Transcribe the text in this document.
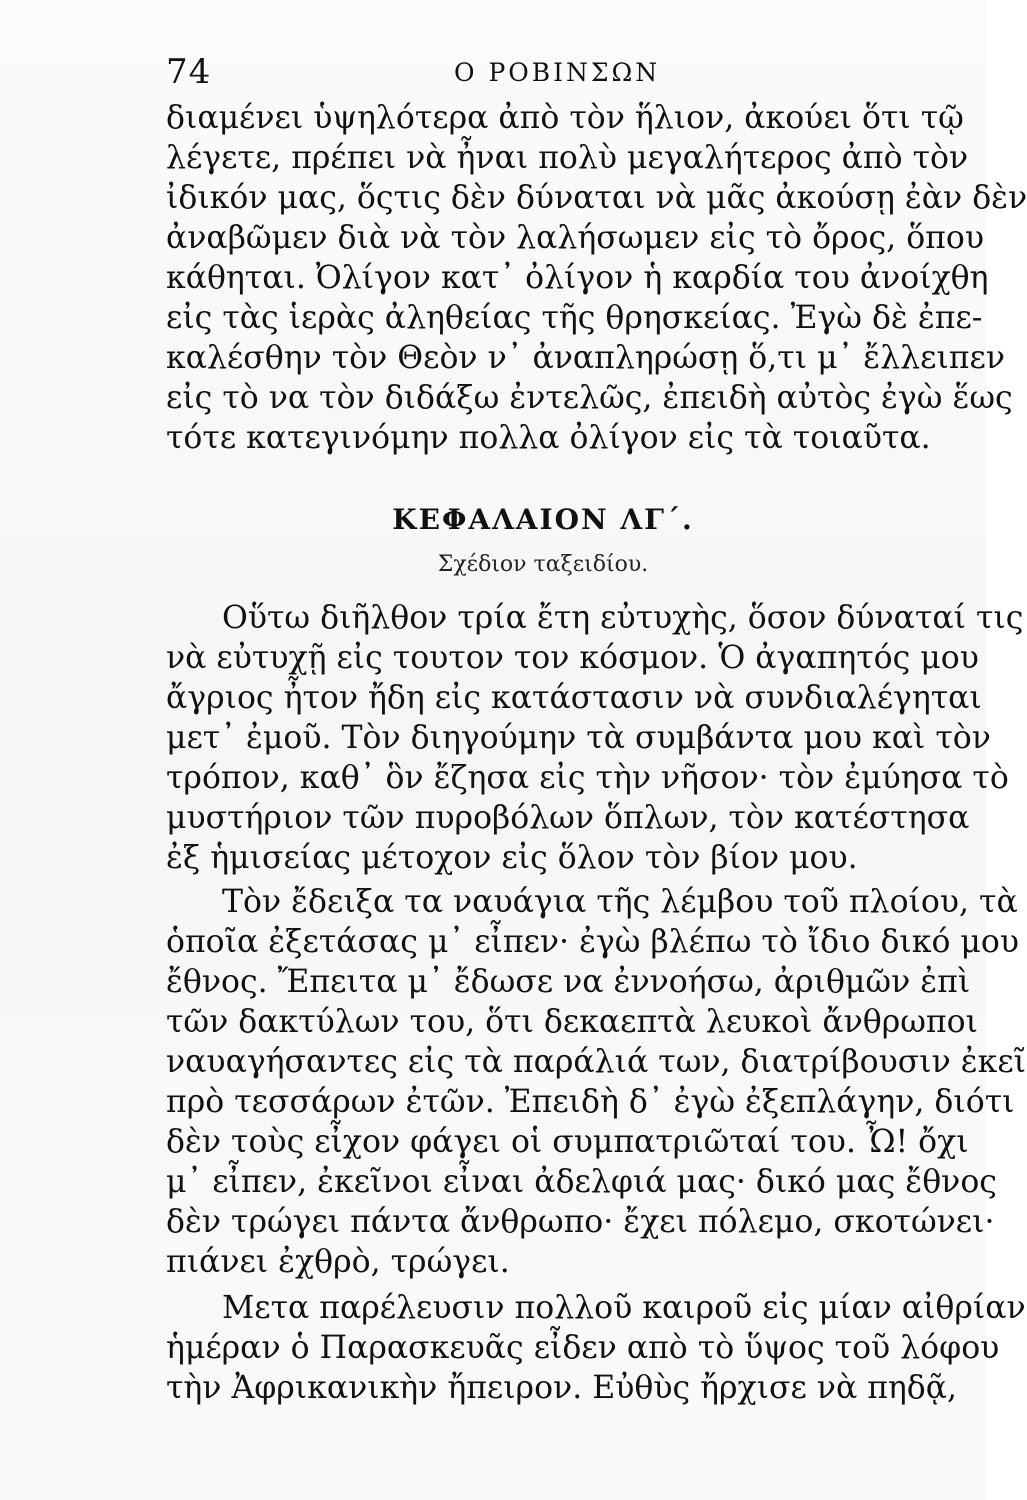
74	Ο ΡΟΒΙΝΣΩΝ
διαμένει ὑψηλότερα ἀπὸ τὸν ἥλιον, ἀκούει ὅτι τῷ
λέγετε, πρέπει νὰ ἦναι πολὺ μεγαλήτερος ἀπὸ τὸν
ἰδικόν μας, ὅςτις δὲν δύναται νὰ μᾶς ἀκούσῃ ἐὰν δὲν
ἀναβῶμεν διὰ νὰ τὸν λαλήσωμεν εἰς τὸ ὄρος, ὅπου
κάθηται. Ὀλίγον κατ᾽ ὀλίγον ἡ καρδία του ἀνοίχθη
εἰς τὰς ἱερὰς ἀληθείας τῆς θρησκείας. Ἐγὼ δὲ ἐπε-
καλέσθην τὸν Θεὸν ν᾽ ἀναπληρώσῃ ὅ,τι μ᾽ ἔλλειπεν
εἰς τὸ να τὸν διδάξω ἐντελῶς, ἐπειδὴ αὐτὸς ἐγὼ ἕως
τότε κατεγινόμην πολλα ὀλίγον εἰς τὰ τοιαῦτα.
ΚΕΦΑΛΑΙΟΝ ΛΓ΄.
Σχέδιον ταξειδίου.
Οὕτω διῆλθον τρία ἔτη εὐτυχὴς, ὅσον δύναταί τις
νὰ εὐτυχῇ εἰς τουτον τον κόσμον. Ὁ ἀγαπητός μου
ἄγριος ἦτον ἤδη εἰς κατάστασιν νὰ συνδιαλέγηται
μετ᾽ ἐμοῦ. Τὸν διηγούμην τὰ συμβάντα μου καὶ τὸν
τρόπον, καθ᾽ ὃν ἔζησα εἰς τὴν νῆσον· τὸν ἐμύησα τὸ
μυστήριον τῶν πυροβόλων ὅπλων, τὸν κατέστησα
ἐξ ἡμισείας μέτοχον εἰς ὅλον τὸν βίον μου.
Τὸν ἔδειξα τα ναυάγια τῆς λέμβου τοῦ πλοίου, τὰ
ὁποῖα ἐξετάσας μ᾽ εἶπεν· ἐγὼ βλέπω τὸ ἴδιο δικό μου
ἔθνος. Ἔπειτα μ᾽ ἔδωσε να ἐννοήσω, ἀριθμῶν ἐπὶ
τῶν δακτύλων του, ὅτι δεκαεπτὰ λευκοὶ ἄνθρωποι
ναυαγήσαντες εἰς τὰ παράλιά των, διατρίβουσιν ἐκεῖ
πρὸ τεσσάρων ἐτῶν. Ἐπειδὴ δ᾽ ἐγὼ ἐξεπλάγην, διότι
δὲν τοὺς εἶχον φάγει οἱ συμπατριῶταί του. Ὦ! ὄχι
μ᾽ εἶπεν, ἐκεῖνοι εἶναι ἀδελφιά μας· δικό μας ἔθνος
δὲν τρώγει πάντα ἄνθρωπο· ἔχει πόλεμο, σκοτώνει·
πιάνει ἐχθρὸ, τρώγει.
Μετα παρέλευσιν πολλοῦ καιροῦ εἰς μίαν αἰθρίαν
ἡμέραν ὁ Παρασκευᾶς εἶδεν απὸ τὸ ὕψος τοῦ λόφου
τὴν Ἀφρικανικὴν ἤπειρον. Εὐθὺς ἤρχισε νὰ πηδᾷ,
